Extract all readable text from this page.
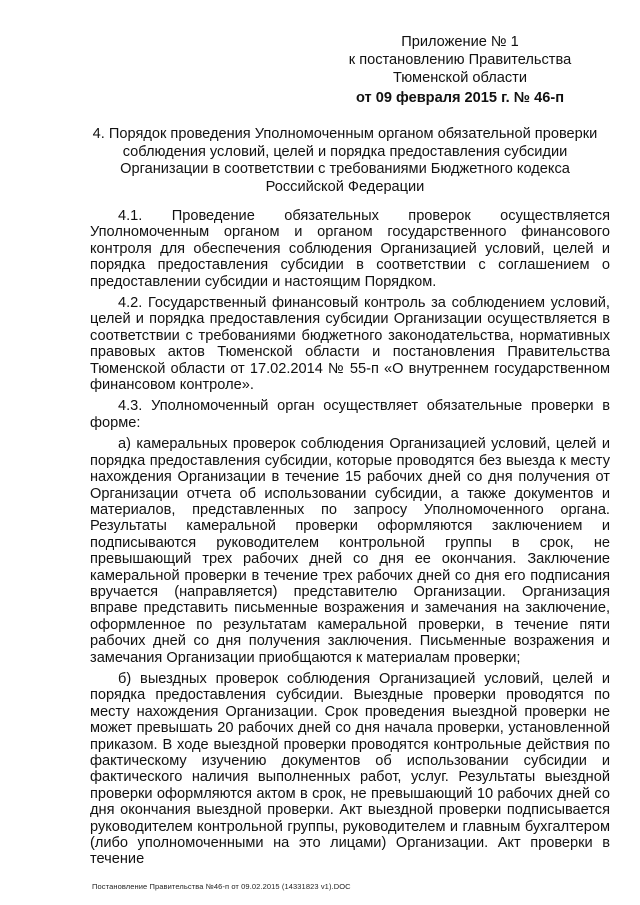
Приложение № 1
к постановлению Правительства
Тюменской области
от 09 февраля 2015 г. № 46-п
4. Порядок проведения Уполномоченным органом обязательной проверки соблюдения условий, целей и порядка предоставления субсидии Организации в соответствии с требованиями Бюджетного кодекса Российской Федерации

4.1. Проведение обязательных проверок осуществляется Уполномоченным органом и органом государственного финансового контроля для обеспечения соблюдения Организацией условий, целей и порядка предоставления субсидии в соответствии с соглашением о предоставлении субсидии и настоящим Порядком.

4.2. Государственный финансовый контроль за соблюдением условий, целей и порядка предоставления субсидии Организации осуществляется в соответствии с требованиями бюджетного законодательства, нормативных правовых актов Тюменской области и постановления Правительства Тюменской области от 17.02.2014 № 55-п «О внутреннем государственном финансовом контроле».

4.3. Уполномоченный орган осуществляет обязательные проверки в форме:

а) камеральных проверок соблюдения Организацией условий, целей и порядка предоставления субсидии, которые проводятся без выезда к месту нахождения Организации в течение 15 рабочих дней со дня получения от Организации отчета об использовании субсидии, а также документов и материалов, представленных по запросу Уполномоченного органа. Результаты камеральной проверки оформляются заключением и подписываются руководителем контрольной группы в срок, не превышающий трех рабочих дней со дня ее окончания. Заключение камеральной проверки в течение трех рабочих дней со дня его подписания вручается (направляется) представителю Организации. Организация вправе представить письменные возражения и замечания на заключение, оформленное по результатам камеральной проверки, в течение пяти рабочих дней со дня получения заключения. Письменные возражения и замечания Организации приобщаются к материалам проверки;

б) выездных проверок соблюдения Организацией условий, целей и порядка предоставления субсидии. Выездные проверки проводятся по месту нахождения Организации. Срок проведения выездной проверки не может превышать 20 рабочих дней со дня начала проверки, установленной приказом. В ходе выездной проверки проводятся контрольные действия по фактическому изучению документов об использовании субсидии и фактического наличия выполненных работ, услуг. Результаты выездной проверки оформляются актом в срок, не превышающий 10 рабочих дней со дня окончания выездной проверки. Акт выездной проверки подписывается руководителем контрольной группы, руководителем и главным бухгалтером (либо уполномоченными на это лицами) Организации. Акт проверки в течение

Постановление Правительства №46-п от 09.02.2015 (14331823 v1).DOC
